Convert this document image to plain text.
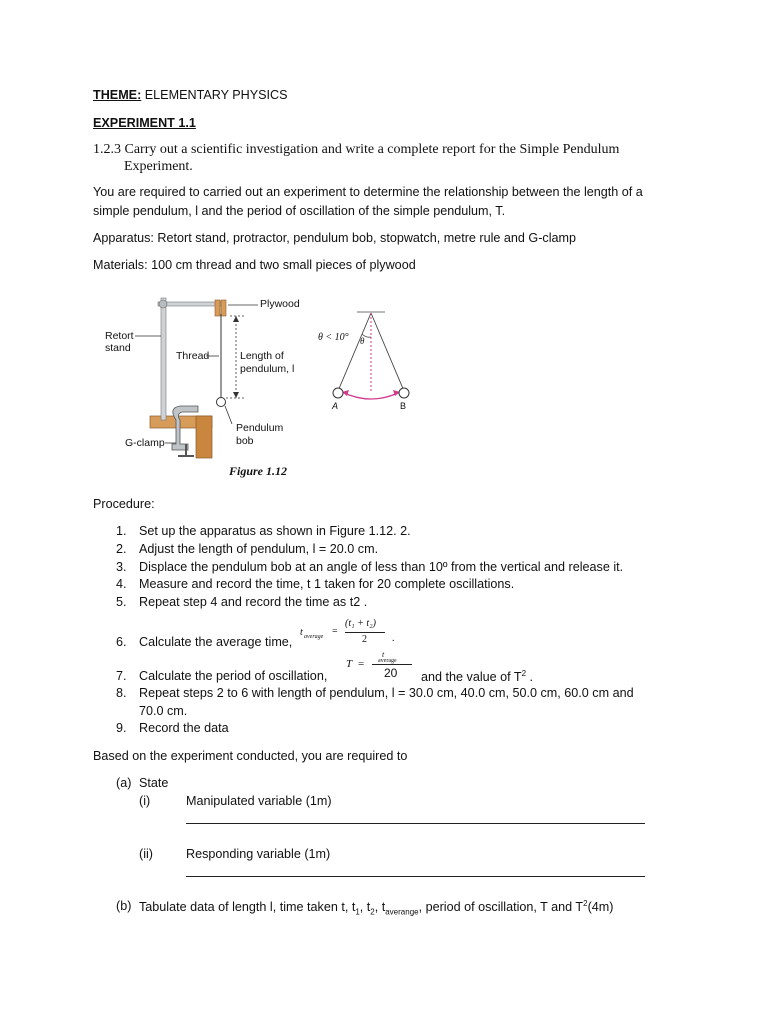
THEME: ELEMENTARY PHYSICS
EXPERIMENT 1.1
1.2.3 Carry out a scientific investigation and write a complete report for the Simple Pendulum
Experiment.
You are required to carried out an experiment to determine the relationship between the length of a
simple pendulum, l and the period of oscillation of the simple pendulum, T.
Apparatus: Retort stand, protractor, pendulum bob, stopwatch, metre rule and G-clamp
Materials: 100 cm thread and two small pieces of plywood
Plywood
Retort
stand
Thread	Length of
pendulum, l
Pendulum
bob
G-clamp
θ < 10° θ
A	B
Figure 1.12
Procedure:
1. Set up the apparatus as shown in Figure 1.12. 2.
2. Adjust the length of pendulum, l = 20.0 cm.
3. Displace the pendulum bob at an angle of less than 10º from the vertical and release it.
4. Measure and record the time, t 1 taken for 20 complete oscillations.
5. Repeat step 4 and record the time as t2 .
6. Calculate the average time,
t average =
(t₁ + t₂)
2	.
7. Calculate the period of oscillation,
T =
t
average
20 and the value of $T^2$ .
8. Repeat steps 2 to 6 with length of pendulum, l = 30.0 cm, 40.0 cm, 50.0 cm, 60.0 cm and
70.0 cm.
9. Record the data
Based on the experiment conducted, you are required to
(a) State
(i)	Manipulated variable (1m)
(ii)	Responding variable (1m)
(b) Tabulate data of length l, time taken t, $t_1$, $t_2$, $t_{averange}$, period of oscillation, T and $T^2(4m)$
